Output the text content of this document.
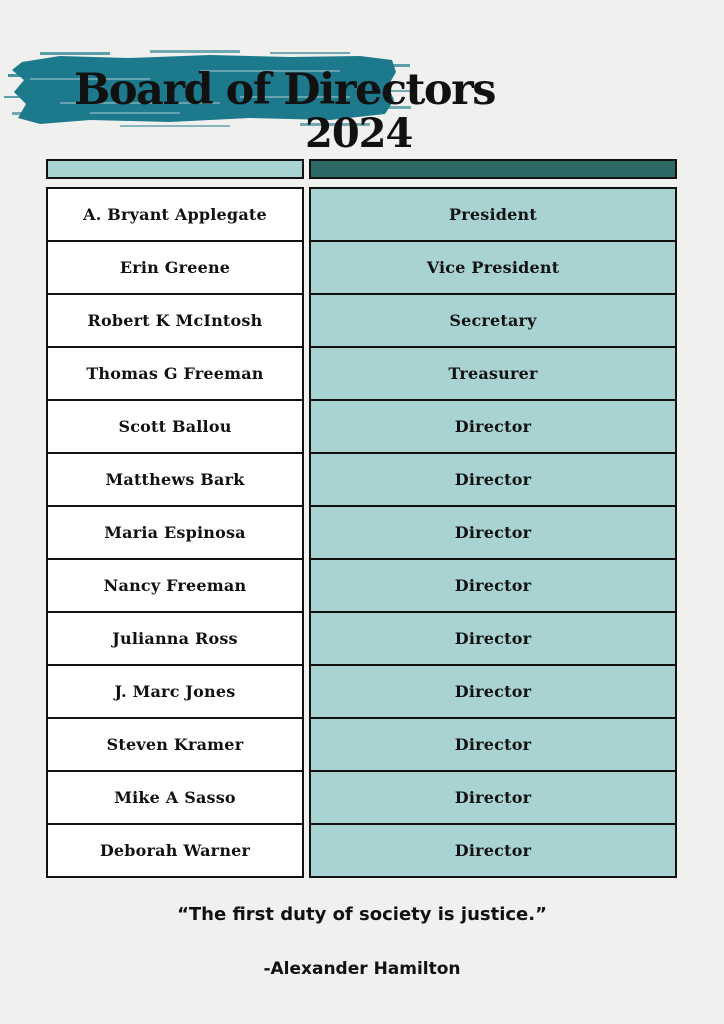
Board of Directors
2024
A. Bryant Applegate
Erin Greene
Robert K McIntosh
Thomas G Freeman
Scott Ballou
Matthews Bark
Maria Espinosa
Nancy Freeman
Julianna Ross
J. Marc Jones
Steven Kramer
Mike A Sasso
Deborah Warner
President
Vice President
Secretary
Treasurer
Director
Director
Director
Director
Director
Director
Director
Director
Director
“The first duty of society is justice.”
-Alexander Hamilton
